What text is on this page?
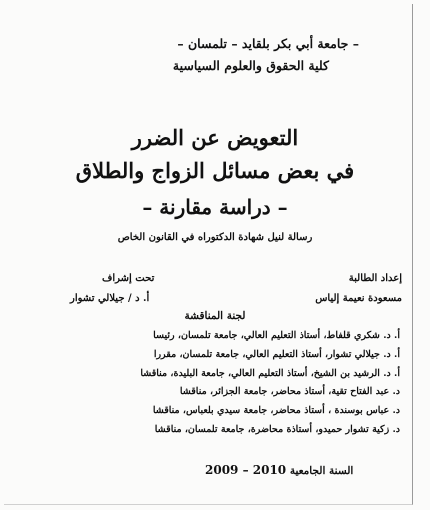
– جامعة أبي بكر بلقايد – تلمسان –
كلية الحقوق والعلوم السياسية
التعويض عن الضرر
في بعض مسائل الزواج والطلاق
– دراسة مقارنة –
رسالة لنيل شهادة الدكتوراه في القانون الخاص
إعداد الطالبة
مسعودة نعيمة إلياس
تحت إشراف
أ. د / جيلالي تشوار
لجنة المناقشة
أ. د. شكري قلفاط، أستاذ التعليم العالي، جامعة تلمسان، رئيسا
أ. د. جيلالي تشوار، أستاذ التعليم العالي، جامعة تلمسان، مقررا
أ. د. الرشيد بن الشيخ، أستاذ التعليم العالي، جامعة البليدة، مناقشا
د. عبد الفتاح تقية، أستاذ محاضر، جامعة الجزائر، مناقشا
د. عباس بوسندة ، أستاذ محاضر، جامعة سيدي بلعباس، مناقشا
د. زكية تشوار حميدو، أستاذة محاضرة، جامعة تلمسان، مناقشا
2009 – 2010 السنة الجامعية
